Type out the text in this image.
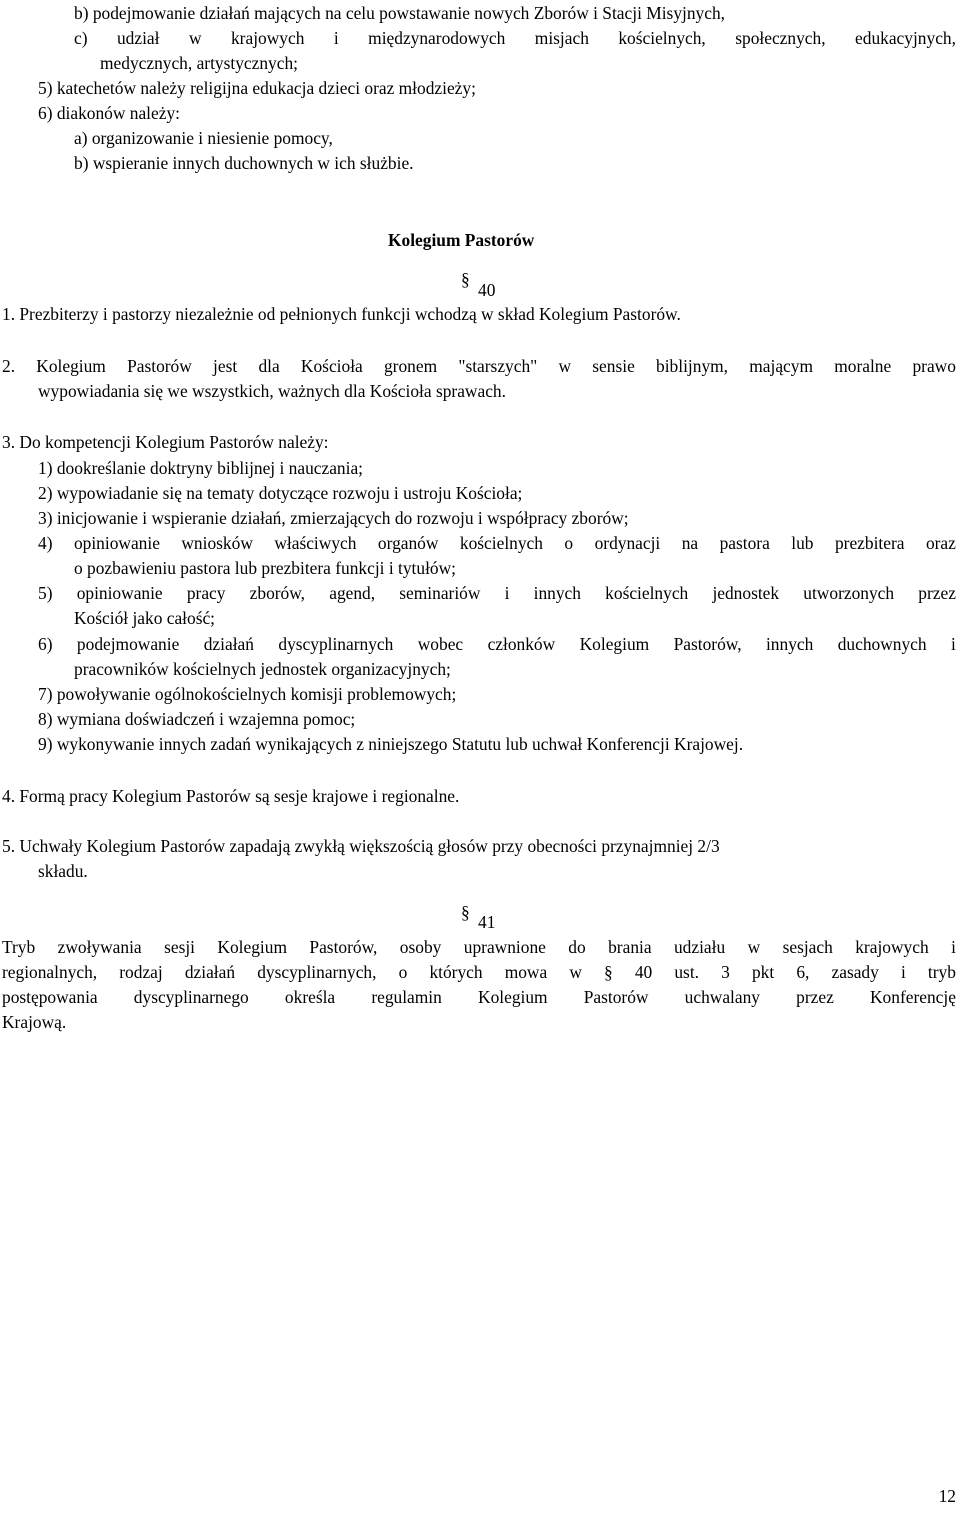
b) podejmowanie działań mających na celu powstawanie nowych Zborów i Stacji Misyjnych,
c) udział w krajowych i międzynarodowych misjach kościelnych, społecznych, edukacyjnych,
medycznych, artystycznych;
5) katechetów należy religijna edukacja dzieci oraz młodzieży;
6) diakonów należy:
a) organizowanie i niesienie pomocy,
b) wspieranie innych duchownych w ich służbie.
Kolegium Pastorów
§
40
1. Prezbiterzy i pastorzy niezależnie od pełnionych funkcji wchodzą w skład Kolegium Pastorów.
2. Kolegium Pastorów jest dla Kościoła gronem "starszych" w sensie biblijnym, mającym moralne prawo
wypowiadania się we wszystkich, ważnych dla Kościoła sprawach.
3. Do kompetencji Kolegium Pastorów należy:
1) dookreślanie doktryny biblijnej i nauczania;
2) wypowiadanie się na tematy dotyczące rozwoju i ustroju Kościoła;
3) inicjowanie i wspieranie działań, zmierzających do rozwoju i współpracy zborów;
4) opiniowanie wniosków właściwych organów kościelnych o ordynacji na pastora lub prezbitera oraz
o pozbawieniu pastora lub prezbitera funkcji i tytułów;
5) opiniowanie pracy zborów, agend, seminariów i innych kościelnych jednostek utworzonych przez
Kościół jako całość;
6) podejmowanie działań dyscyplinarnych wobec członków Kolegium Pastorów, innych duchownych i
pracowników kościelnych jednostek organizacyjnych;
7) powoływanie ogólnokościelnych komisji problemowych;
8) wymiana doświadczeń i wzajemna pomoc;
9) wykonywanie innych zadań wynikających z niniejszego Statutu lub uchwał Konferencji Krajowej.
4. Formą pracy Kolegium Pastorów są sesje krajowe i regionalne.
5. Uchwały Kolegium Pastorów zapadają zwykłą większością głosów przy obecności przynajmniej 2/3
składu.
§ 41
Tryb zwoływania sesji Kolegium Pastorów, osoby uprawnione do brania udziału w sesjach krajowych i
regionalnych, rodzaj działań dyscyplinarnych, o których mowa w § 40 ust. 3 pkt 6, zasady i tryb
postępowania dyscyplinarnego określa regulamin Kolegium Pastorów uchwalany przez Konferencję
Krajową.
12
